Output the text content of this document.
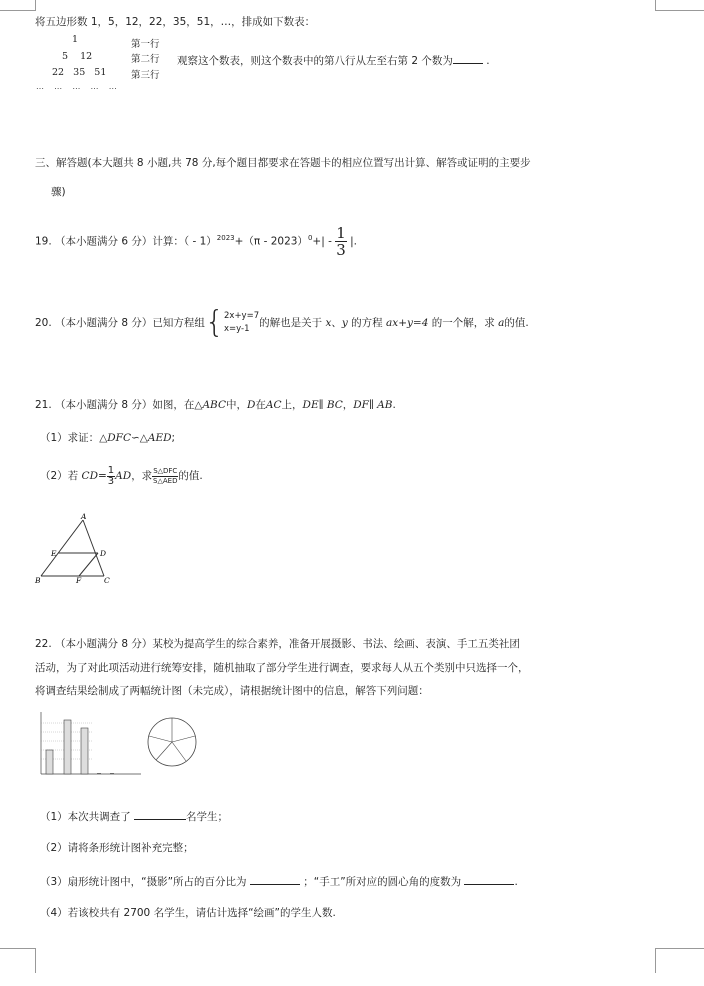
将五边形数 1，5，12，22，35，51，…，排成如下数表：
1	第一行
5    12	第二行
22   35   51	第三行
…    …    …    …    …
观察这个数表，则这个数表中的第八行从左至右第 2 个数为	.
三、解答题(本大题共 8 小题,共 78 分,每个题目都要求在答题卡的相应位置写出计算、解答或证明的主要步
骤)
19. （本小题满分 6 分）计算：（ - $1)^{2023}+(\pi - 2023)^0+| - \frac{1}{3}$ |.
20. （本小题满分 8 分）已知方程组{ 2x+y=7
x=y-1 的解也是关于 x、y 的方程 ax+y=4 的一个解，求 a的值.
21. （本小题满分 8 分）如图，在△ABC中，D在AC上，DE∥ BC，DF∥ AB.
（1）求证：△DFC∽△AED;
（2）若 $CD= \frac{1}{3}$ AD，求 $\frac{\text{S△DFC}}{\text{S△AED}}$ 的值.
A
E	D
B	F	C
22. （本小题满分 8 分）某校为提高学生的综合素养，准备开展摄影、书法、绘画、表演、手工五类社团
活动，为了对此项活动进行统筹安排，随机抽取了部分学生进行调查，要求每人从五个类别中只选择一个，
将调查结果绘制成了两幅统计图（未完成），请根据统计图中的信息，解答下列问题：
（1）本次共调查了	名学生；
（2）请将条形统计图补充完整；
（3）扇形统计图中，“摄影”所占的百分比为	；“手工”所对应的圆心角的度数为	.
（4）若该校共有 2700 名学生，请估计选择“绘画”的学生人数.
